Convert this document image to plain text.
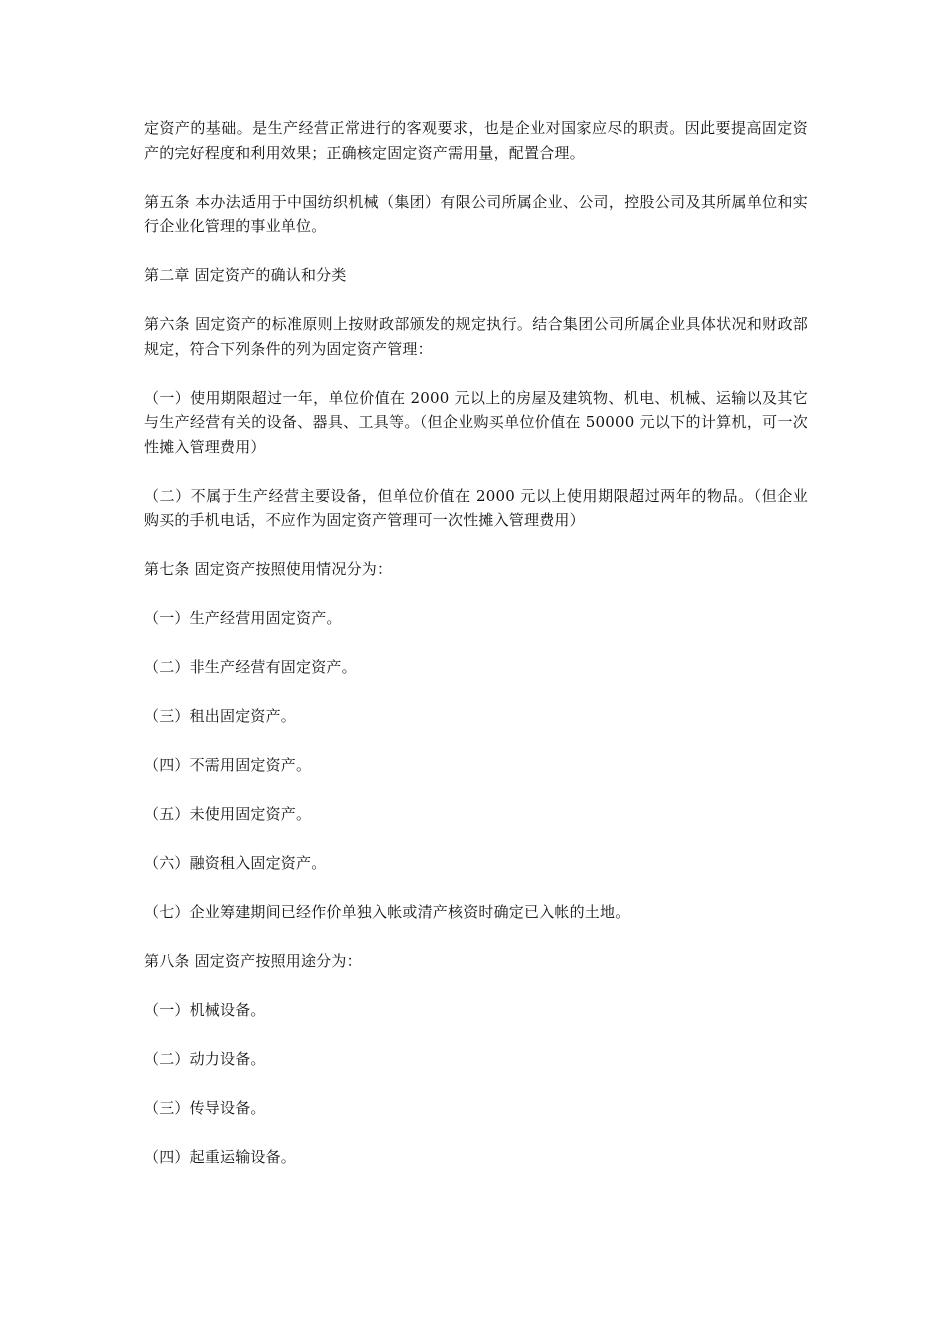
定资产的基础。是生产经营正常进行的客观要求，也是企业对国家应尽的职责。因此要提高固定资产的完好程度和利用效果；正确核定固定资产需用量，配置合理。

第五条 本办法适用于中国纺织机械（集团）有限公司所属企业、公司，控股公司及其所属单位和实行企业化管理的事业单位。

第二章 固定资产的确认和分类

第六条 固定资产的标准原则上按财政部颁发的规定执行。结合集团公司所属企业具体状况和财政部规定，符合下列条件的列为固定资产管理：

（一）使用期限超过一年，单位价值在 2000 元以上的房屋及建筑物、机电、机械、运输以及其它与生产经营有关的设备、器具、工具等。（但企业购买单位价值在 50000 元以下的计算机，可一次性摊入管理费用）

（二）不属于生产经营主要设备，但单位价值在 2000 元以上使用期限超过两年的物品。（但企业购买的手机电话，不应作为固定资产管理可一次性摊入管理费用）

第七条 固定资产按照使用情况分为：

（一）生产经营用固定资产。

（二）非生产经营有固定资产。

（三）租出固定资产。

（四）不需用固定资产。

（五）未使用固定资产。

（六）融资租入固定资产。

（七）企业筹建期间已经作价单独入帐或清产核资时确定已入帐的土地。

第八条 固定资产按照用途分为：

（一）机械设备。

（二）动力设备。

（三）传导设备。

（四）起重运输设备。
